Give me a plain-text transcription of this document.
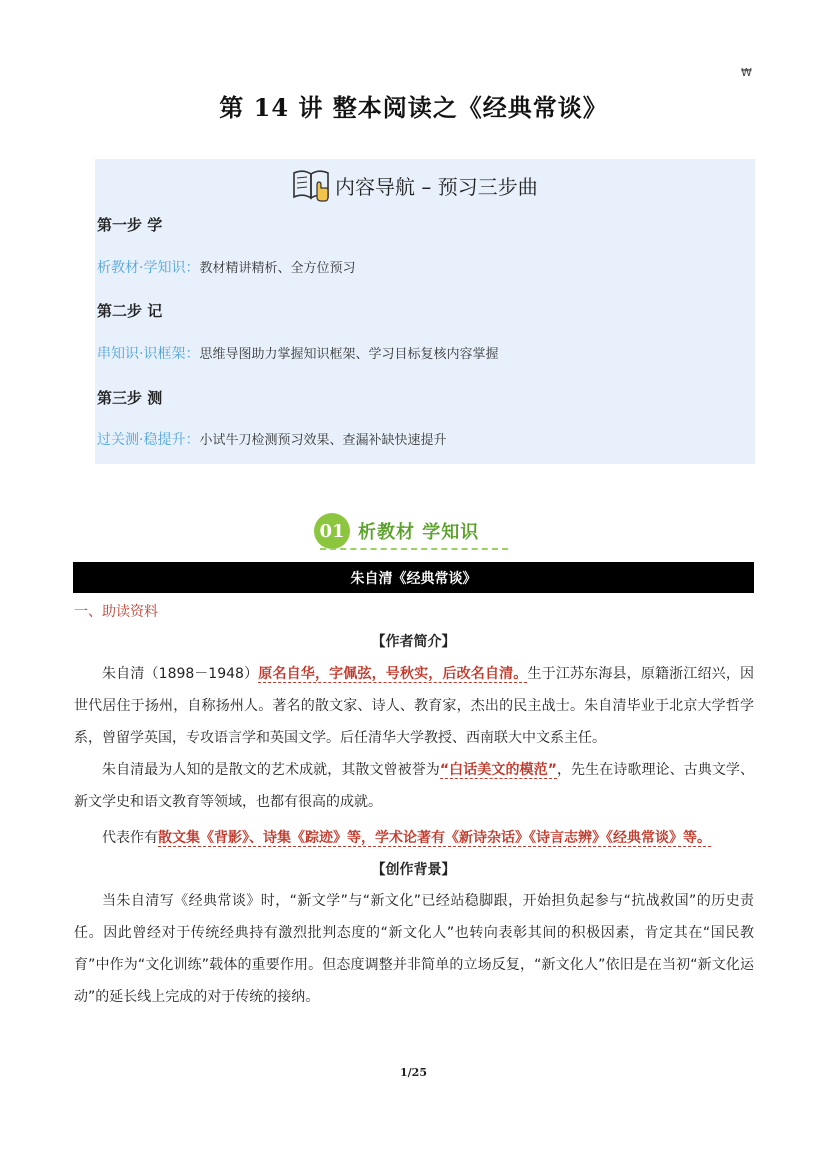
₩
第 14 讲 整本阅读之《经典常谈》
内容导航 – 预习三步曲
第一步 学
析教材·学知识：教材精讲精析、全方位预习
第二步 记
串知识·识框架：思维导图助力掌握知识框架、学习目标复核内容掌握
第三步 测
过关测·稳提升：小试牛刀检测预习效果、查漏补缺快速提升
01 析教材 学知识
朱自清《经典常谈》
一、助读资料
【作者简介】
朱自清（1898－1948）原名自华，字佩弦，号秋实，后改名自清。生于江苏东海县，原籍浙江绍兴，因世代居住于扬州，自称扬州人。著名的散文家、诗人、教育家，杰出的民主战士。朱自清毕业于北京大学哲学系，曾留学英国，专攻语言学和英国文学。后任清华大学教授、西南联大中文系主任。
朱自清最为人知的是散文的艺术成就，其散文曾被誉为“白话美文的模范”，先生在诗歌理论、古典文学、新文学史和语文教育等领域，也都有很高的成就。
代表作有散文集《背影》、诗集《踪迹》等，学术论著有《新诗杂话》《诗言志辨》《经典常谈》等。
【创作背景】
当朱自清写《经典常谈》时，“新文学”与“新文化”已经站稳脚跟，开始担负起参与“抗战救国”的历史责任。因此曾经对于传统经典持有激烈批判态度的“新文化人”也转向表彰其间的积极因素，肯定其在“国民教育”中作为“文化训练”载体的重要作用。但态度调整并非简单的立场反复，“新文化人”依旧是在当初“新文化运动”的延长线上完成的对于传统的接纳。
1/25
